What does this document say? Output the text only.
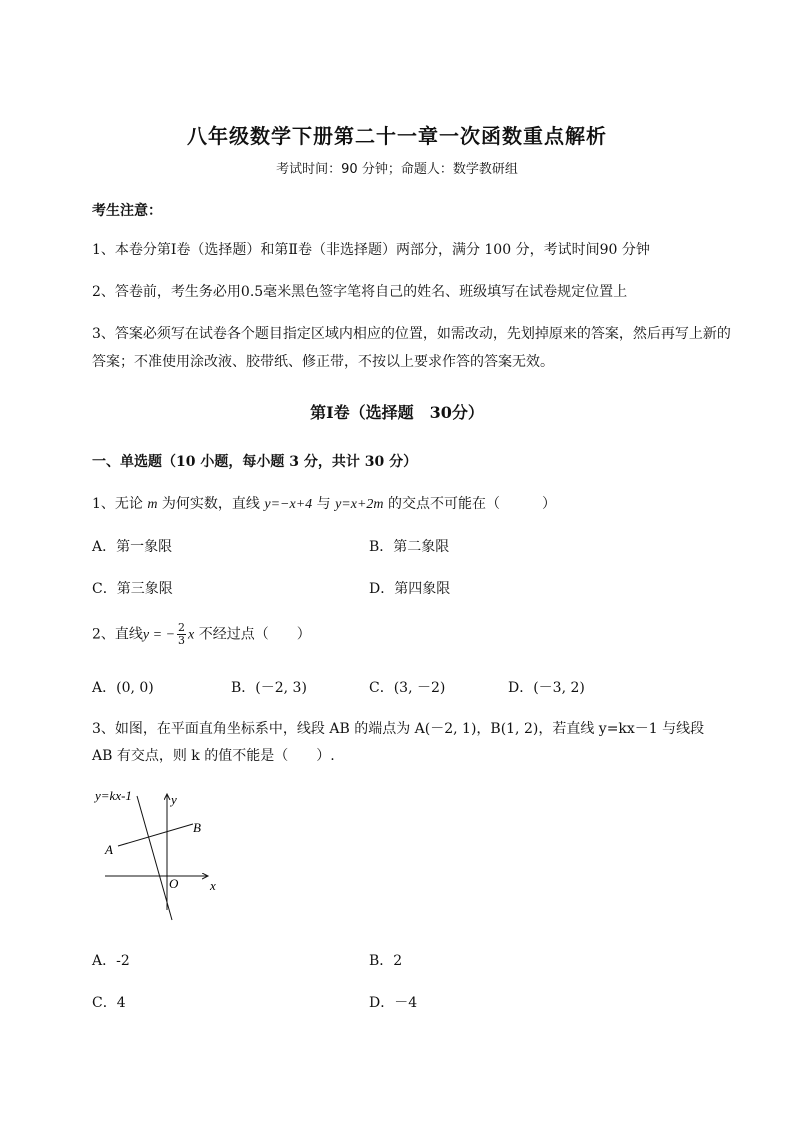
八年级数学下册第二十一章一次函数重点解析
考试时间：90 分钟；命题人：数学教研组
考生注意：
1、本卷分第Ⅰ卷（选择题）和第Ⅱ卷（非选择题）两部分，满分 100 分，考试时间90 分钟
2、答卷前，考生务必用0.5毫米黑色签字笔将自己的姓名、班级填写在试卷规定位置上
3、答案必须写在试卷各个题目指定区域内相应的位置，如需改动，先划掉原来的答案，然后再写上新的答案；不准使用涂改液、胶带纸、修正带，不按以上要求作答的答案无效。
第Ⅰ卷（选择题　30分）
一、单选题（10 小题，每小题 3 分，共计 30 分）
1、无论 m 为何实数，直线 y=−x+4 与 y=x+2m 的交点不可能在（　　　）
A．第一象限	B．第二象限
C．第三象限	D．第四象限
2、直线y = − $\frac{2}{3}$ x 不经过点（　　）
A．(0, 0)	B．(－2, 3)	C．(3, －2)	D．(－3, 2)
3、如图，在平面直角坐标系中，线段 AB 的端点为 A(－2, 1)，B(1, 2)，若直线 y=kx－1 与线段
AB 有交点，则 k 的值不能是（　　）.
y=kx-1	y
x
O
A
B
A．-2	B．2
C．4	D．－4
